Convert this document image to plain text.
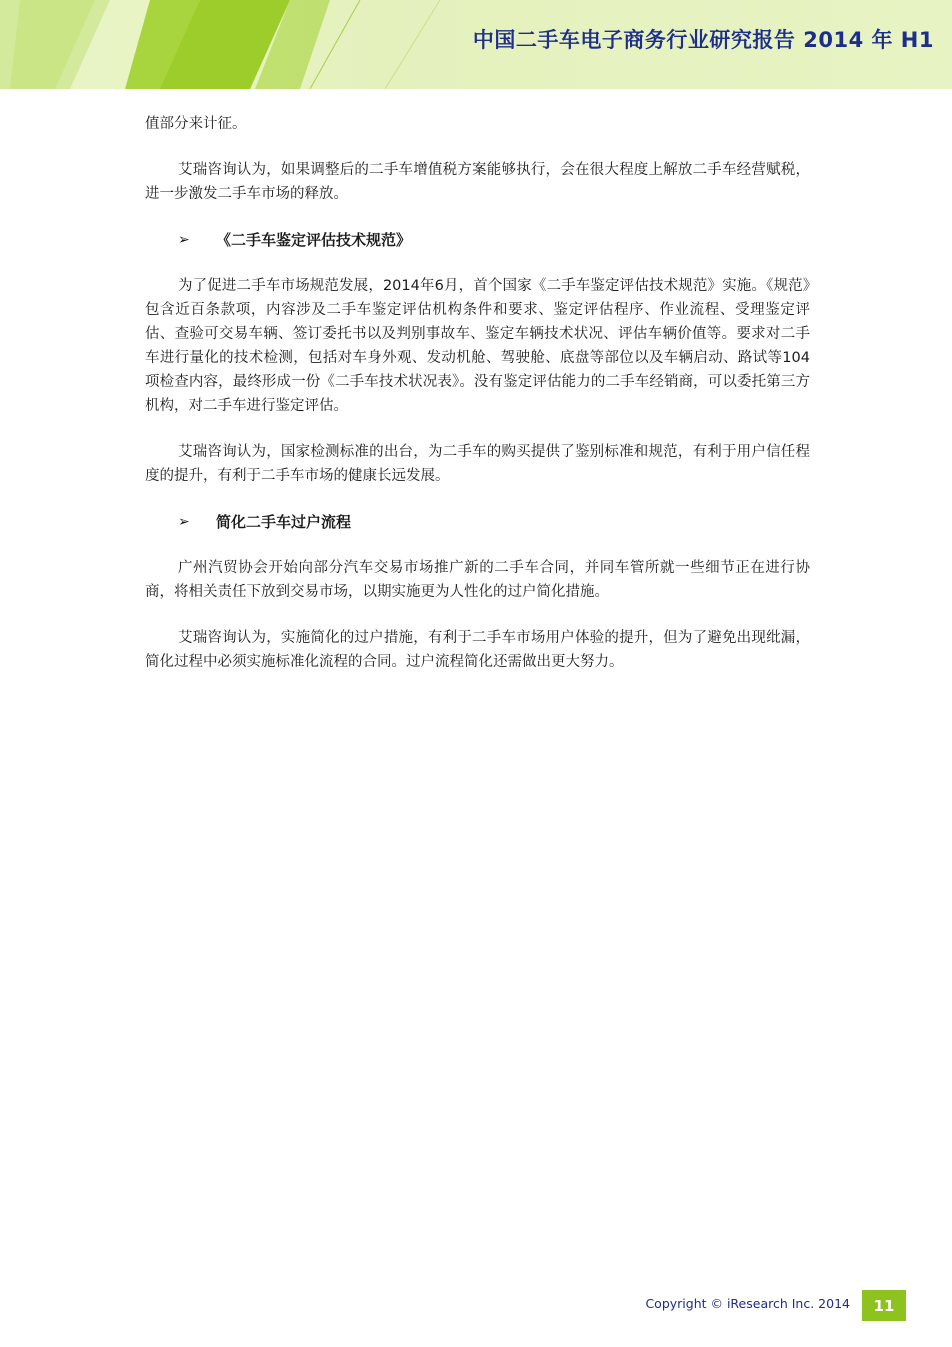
中国二手车电子商务行业研究报告 2014 年 H1

值部分来计征。

艾瑞咨询认为，如果调整后的二手车增值税方案能够执行，会在很大程度上解放二手车经营赋税，进一步激发二手车市场的释放。

➢	《二手车鉴定评估技术规范》

为了促进二手车市场规范发展，2014年6月，首个国家《二手车鉴定评估技术规范》实施。《规范》包含近百条款项，内容涉及二手车鉴定评估机构条件和要求、鉴定评估程序、作业流程、受理鉴定评估、查验可交易车辆、签订委托书以及判别事故车、鉴定车辆技术状况、评估车辆价值等。要求对二手车进行量化的技术检测，包括对车身外观、发动机舱、驾驶舱、底盘等部位以及车辆启动、路试等104项检查内容，最终形成一份《二手车技术状况表》。没有鉴定评估能力的二手车经销商，可以委托第三方机构，对二手车进行鉴定评估。

艾瑞咨询认为，国家检测标准的出台，为二手车的购买提供了鉴别标准和规范，有利于用户信任程度的提升，有利于二手车市场的健康长远发展。

➢	简化二手车过户流程

广州汽贸协会开始向部分汽车交易市场推广新的二手车合同，并同车管所就一些细节正在进行协商，将相关责任下放到交易市场，以期实施更为人性化的过户简化措施。

艾瑞咨询认为，实施简化的过户措施，有利于二手车市场用户体验的提升，但为了避免出现纰漏，简化过程中必须实施标准化流程的合同。过户流程简化还需做出更大努力。

Copyright © iResearch Inc. 2014	11
